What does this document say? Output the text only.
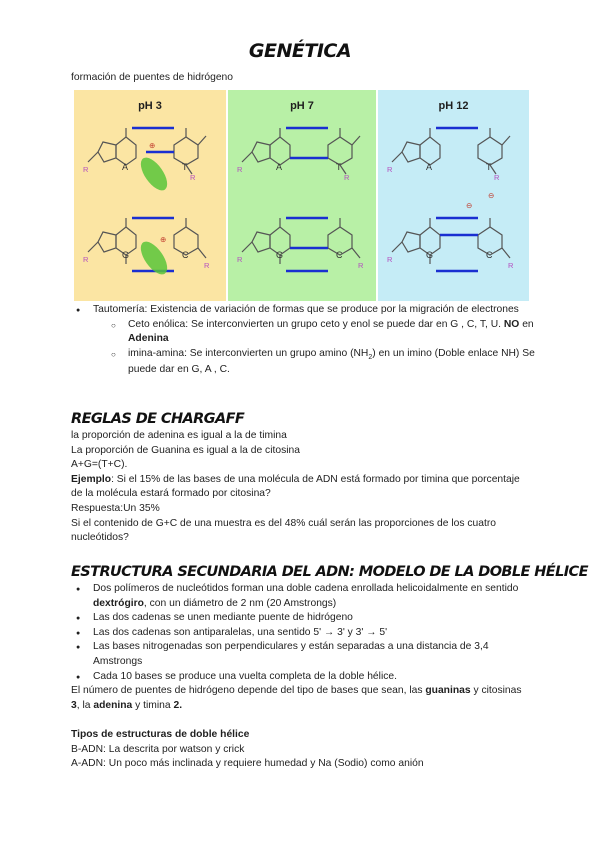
GENÉTICA
formación de puentes de hidrógeno
pH 3	pH 7	pH 12
A	T
G	C
A	T
G	C
A	T
G	C
R
R
R
R
R
R
R	R	R
R	R	R
⊕
⊕
⊖
⊖
● Tautomería: Existencia de variación de formas que se produce por la migración de electrones
○ Ceto enólica: Se interconvierten un grupo ceto y enol se puede dar en G , C, T, U. NO en Adenina
○ imina-amina: Se interconvierten un grupo amino $(NH_2)$ en un imino (Doble enlace NH) Se puede dar en G, A , C.
REGLAS DE CHARGAFF
la proporción de adenina es igual a la de timina
La proporción de Guanina es igual a la de citosina
A+G=(T+C).
Ejemplo: Si el 15% de las bases de una molécula de ADN está formado por timina que porcentaje de la molécula estará formado por citosina?
Respuesta:Un 35%
Si el contenido de G+C de una muestra es del 48% cuál serán las proporciones de los cuatro nucleótidos?
ESTRUCTURA SECUNDARIA DEL ADN: MODELO DE LA DOBLE HÉLICE
● Dos polímeros de nucleótidos forman una doble cadena enrollada helicoidalmente en sentido dextrógiro, con un diámetro de 2 nm (20 Amstrongs)
● Las dos cadenas se unen mediante puente de hidrógeno
● Las dos cadenas son antiparalelas, una sentido 5' → 3' y 3' → 5'
● Las bases nitrogenadas son perpendiculares y están separadas a una distancia de 3,4 Amstrongs
● Cada 10 bases se produce una vuelta completa de la doble hélice.
El número de puentes de hidrógeno depende del tipo de bases que sean, las guaninas y citosinas 3, la adenina y timina 2.
Tipos de estructuras de doble hélice
B-ADN: La descrita por watson y crick
A-ADN: Un poco más inclinada y requiere humedad y Na (Sodio) como anión
